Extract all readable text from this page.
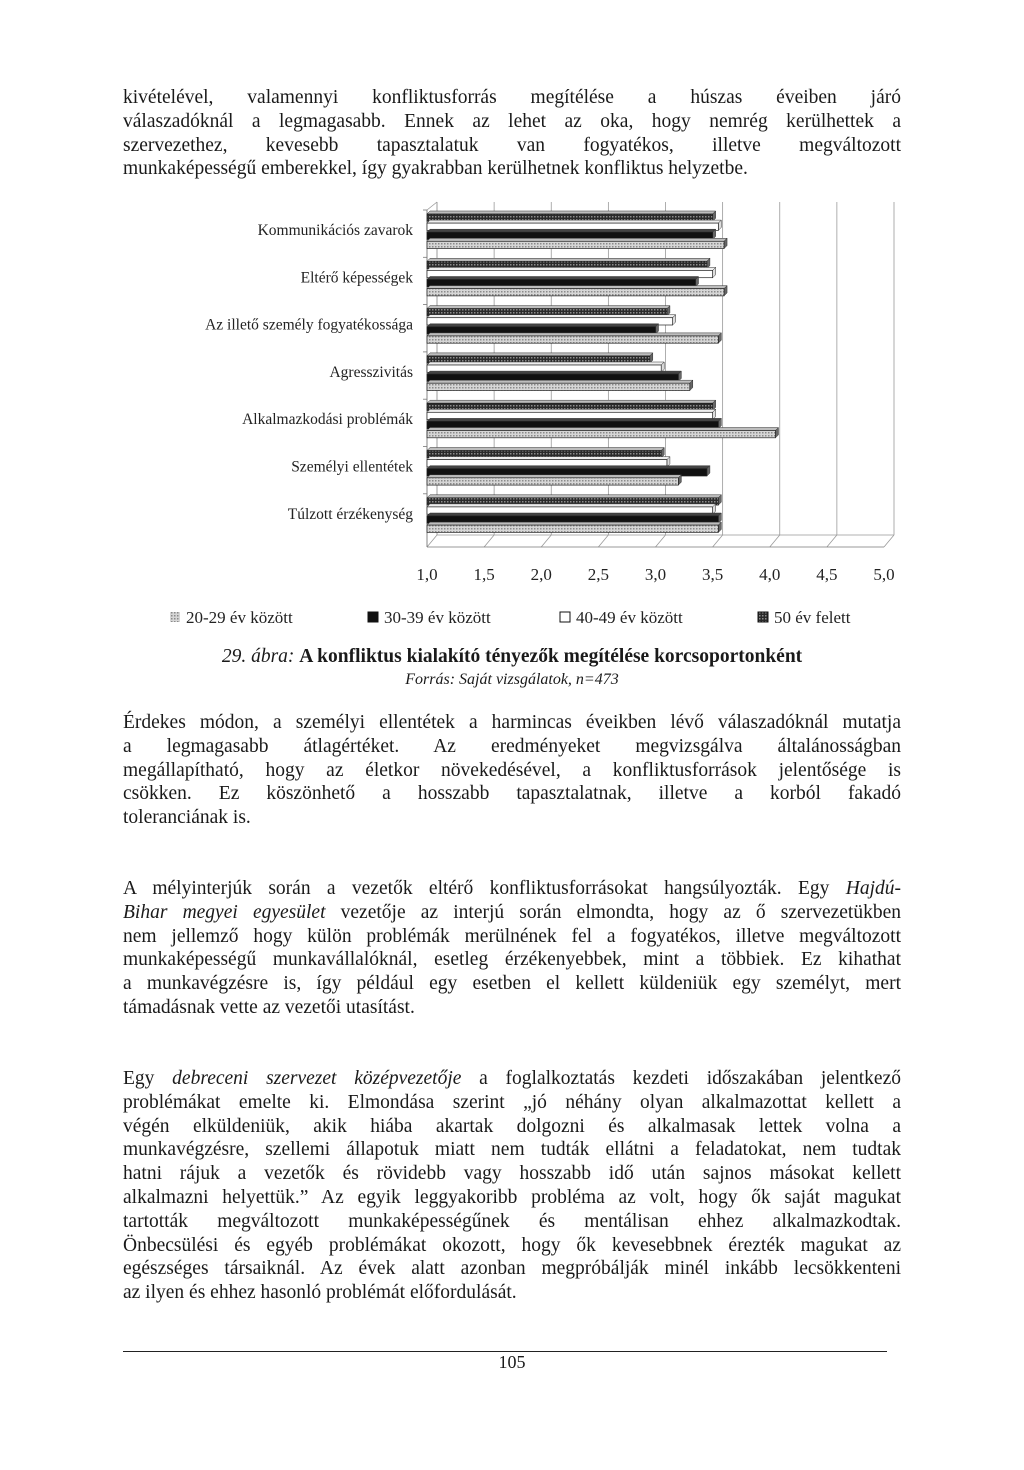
kivételével, valamennyi konfliktusforrás megítélése a húszas éveiben járó
válaszadóknál a legmagasabb. Ennek az lehet az oka, hogy nemrég kerülhettek a
szervezethez, kevesebb tapasztalatuk van fogyatékos, illetve megváltozott
munkaképességű emberekkel, így gyakrabban kerülhetnek konfliktus helyzetbe.

Kommunikációs zavarok
Eltérő képességek
Az illető személy fogyatékossága
Agresszivitás
Alkalmazkodási problémák
Személyi ellentétek
Túlzott érzékenység
1,0 1,5 2,0 2,5 3,0 3,5 4,0 4,5 5,0
20-29 év között	30-39 év között	40-49 év között	50 év felett
29. ábra: A konfliktus kialakító tényezők megítélése korcsoportonként
Forrás: Saját vizsgálatok, n=473

Érdekes módon, a személyi ellentétek a harmincas éveikben lévő válaszadóknál mutatja
a legmagasabb átlagértéket. Az eredményeket megvizsgálva általánosságban
megállapítható, hogy az életkor növekedésével, a konfliktusforrások jelentősége is
csökken. Ez köszönhető a hosszabb tapasztalatnak, illetve a korból fakadó
toleranciának is.

A mélyinterjúk során a vezetők eltérő konfliktusforrásokat hangsúlyozták. Egy Hajdú-
Bihar megyei egyesület vezetője az interjú során elmondta, hogy az ő szervezetükben
nem jellemző hogy külön problémák merülnének fel a fogyatékos, illetve megváltozott
munkaképességű munkavállalóknál, esetleg érzékenyebbek, mint a többiek. Ez kihathat
a munkavégzésre is, így például egy esetben el kellett küldeniük egy személyt, mert
támadásnak vette az vezetői utasítást.

Egy debreceni szervezet középvezetője a foglalkoztatás kezdeti időszakában jelentkező
problémákat emelte ki. Elmondása szerint „jó néhány olyan alkalmazottat kellett a
végén elküldeniük, akik hiába akartak dolgozni és alkalmasak lettek volna a
munkavégzésre, szellemi állapotuk miatt nem tudták ellátni a feladatokat, nem tudtak
hatni rájuk a vezetők és rövidebb vagy hosszabb idő után sajnos másokat kellett
alkalmazni helyettük.” Az egyik leggyakoribb probléma az volt, hogy ők saját magukat
tartották megváltozott munkaképességűnek és mentálisan ehhez alkalmazkodtak.
Önbecsülési és egyéb problémákat okozott, hogy ők kevesebbnek érezték magukat az
egészséges társaiknál. Az évek alatt azonban megpróbálják minél inkább lecsökkenteni
az ilyen és ehhez hasonló problémát előfordulását.

105
